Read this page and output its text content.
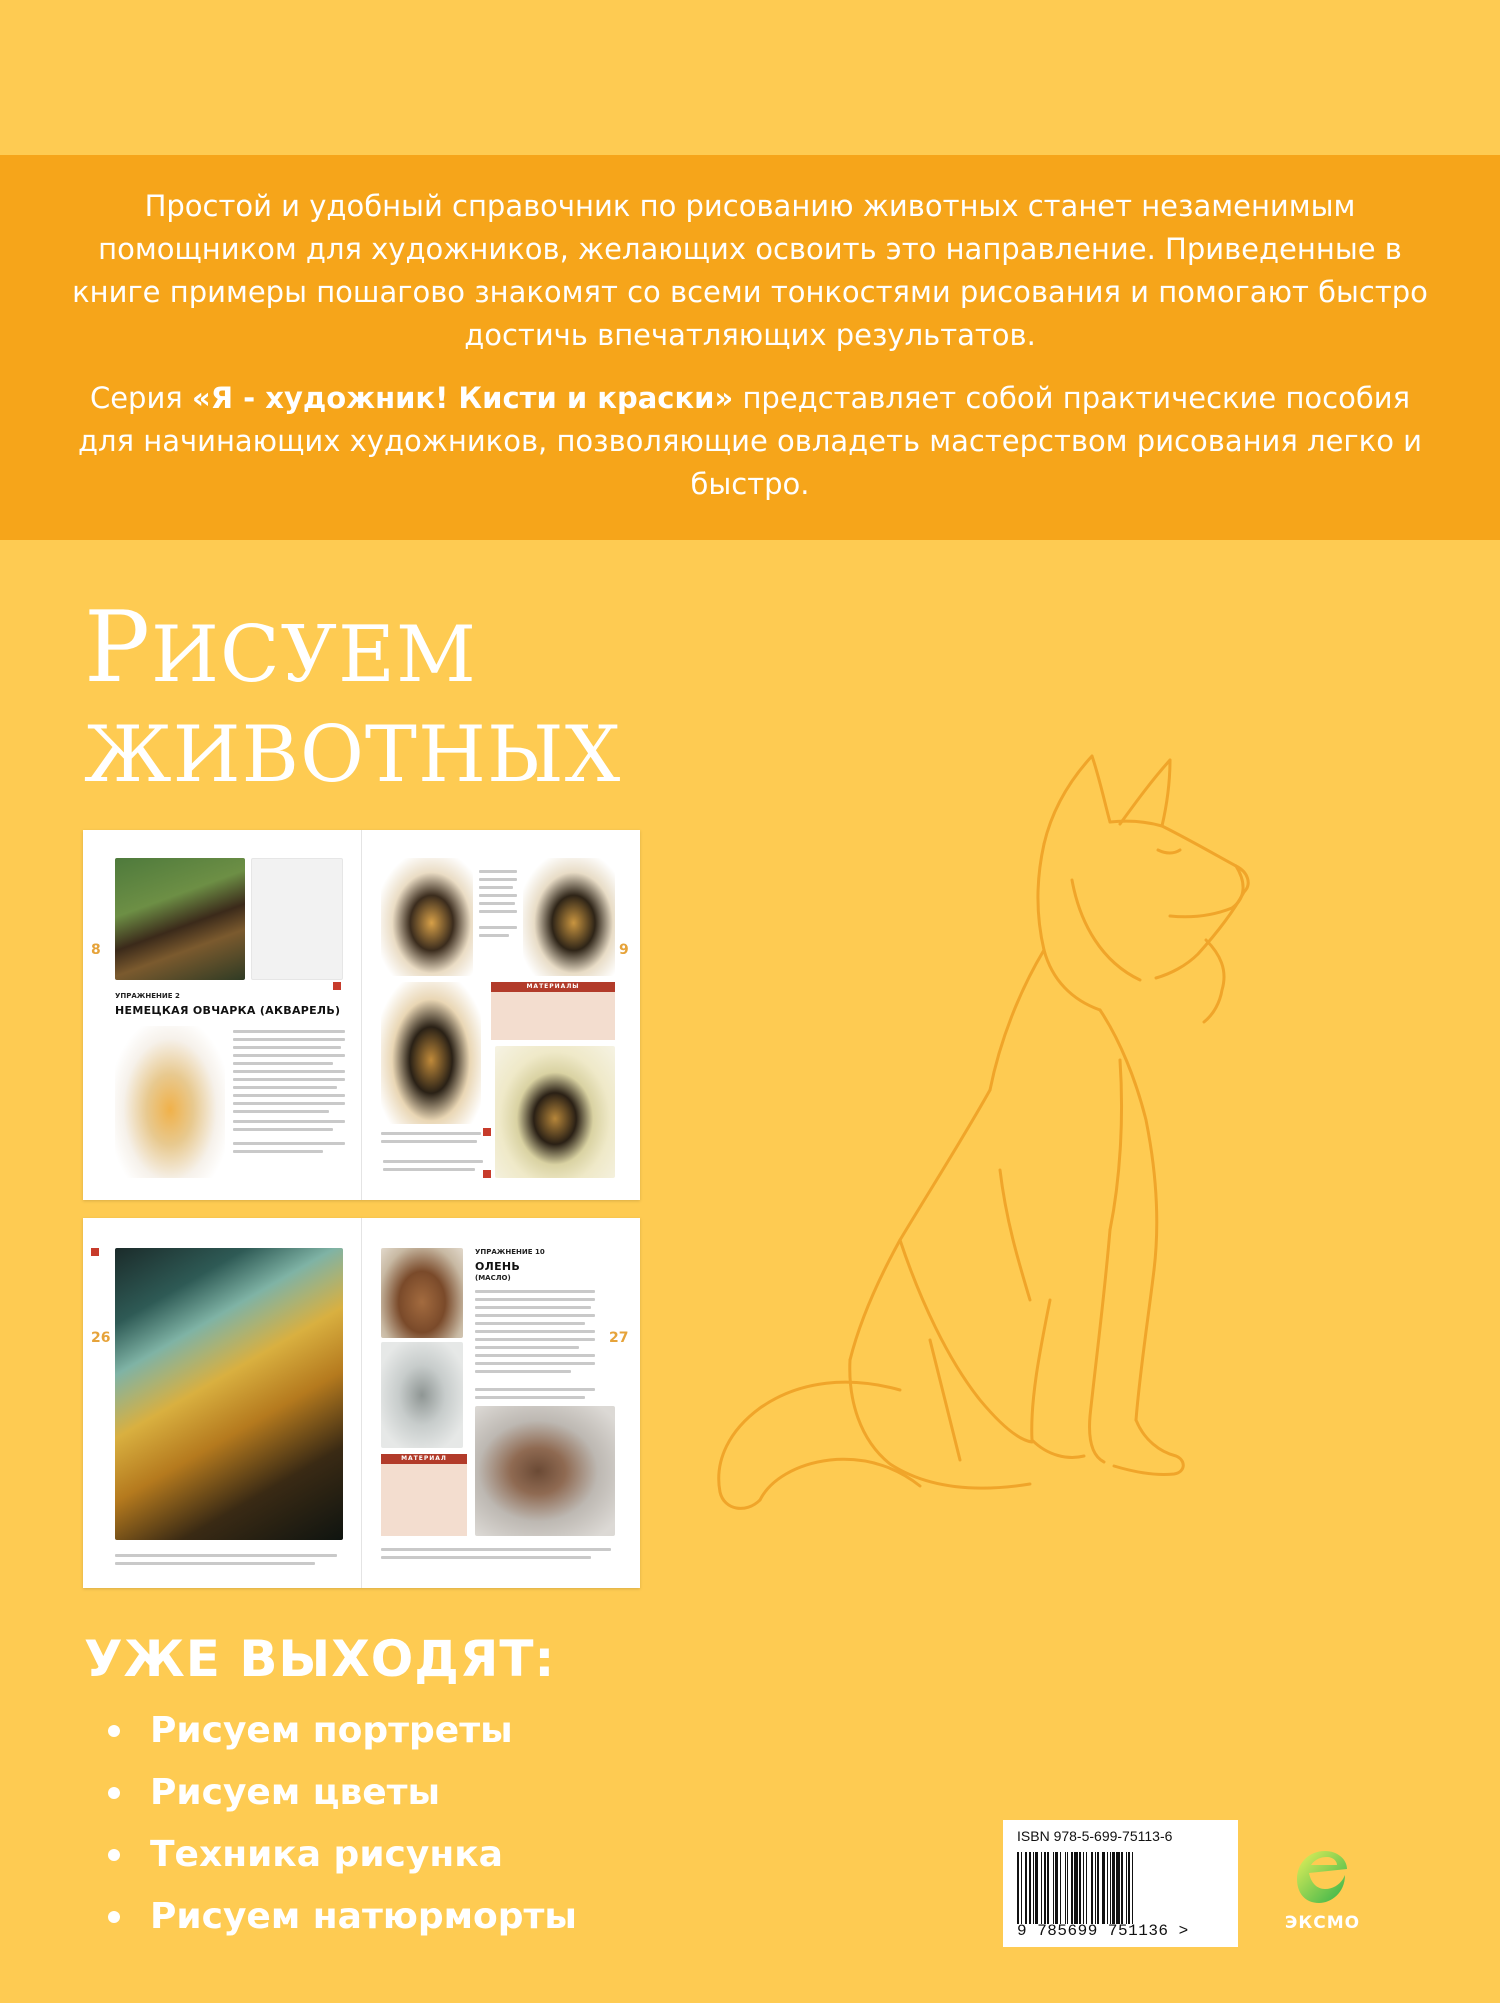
Простой и удобный справочник по рисованию животных станет незаменимым помощником для художников, желающих освоить это направление. Приведенные в книге примеры пошагово знакомят со всеми тонкостями рисования и помогают быстро достичь впечатляющих результатов.

Серия «Я - художник! Кисти и краски» представляет собой практические пособия для начинающих художников, позволяющие овладеть мастерством рисования легко и быстро.

РИСУЕМ
ЖИВОТНЫХ
8
УПРАЖНЕНИЕ 2
НЕМЕЦКАЯ ОВЧАРКА (АКВАРЕЛЬ)
9
МАТЕРИАЛЫ
26
УПРАЖНЕНИЕ 10
ОЛЕНЬ
(МАСЛО)
27
МАТЕРИАЛ
УЖЕ ВЫХОДЯТ:
Рисуем портреты
Рисуем цветы
Техника рисунка
Рисуем натюрморты
ISBN 978-5-699-75113-6
9 785699 751136 >	ЭКСМО
